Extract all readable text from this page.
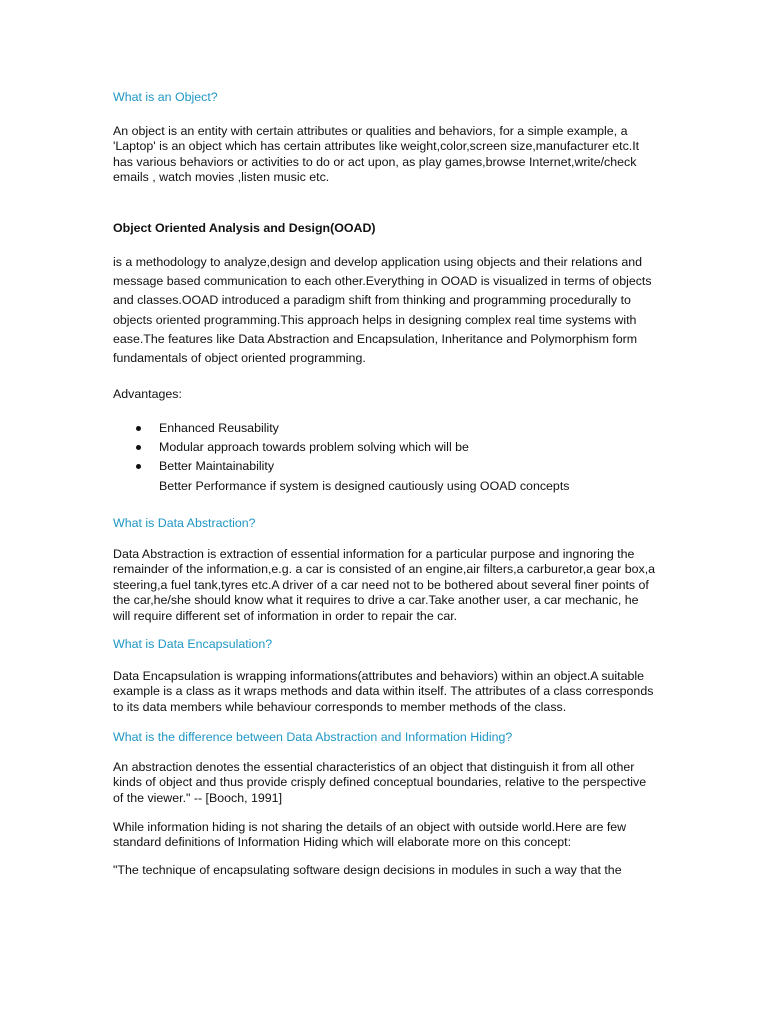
What is an Object?

An object is an entity with certain attributes or qualities and behaviors, for a simple example, a 'Laptop' is an object which has certain attributes like weight,color,screen size,manufacturer etc.It has various behaviors or activities to do or act upon, as play games,browse Internet,write/check emails , watch movies ,listen music etc.

Object Oriented Analysis and Design(OOAD)

is a methodology to analyze,design and develop application using objects and their relations and message based communication to each other.Everything in OOAD is visualized in terms of objects and classes.OOAD introduced a paradigm shift from thinking and programming procedurally to objects oriented programming.This approach helps in designing complex real time systems with ease.The features like Data Abstraction and Encapsulation, Inheritance and Polymorphism form fundamentals of object oriented programming.

Advantages:

Enhanced Reusability
Modular approach towards problem solving which will be
Better Maintainability
Better Performance if system is designed cautiously using OOAD concepts
What is Data Abstraction?

Data Abstraction is extraction of essential information for a particular purpose and ingnoring the remainder of the information,e.g. a car is consisted of an engine,air filters,a carburetor,a gear box,a steering,a fuel tank,tyres etc.A driver of a car need not to be bothered about several finer points of the car,he/she should know what it requires to drive a car.Take another user, a car mechanic, he will require different set of information in order to repair the car.

What is Data Encapsulation?

Data Encapsulation is wrapping informations(attributes and behaviors) within an object.A suitable example is a class as it wraps methods and data within itself. The attributes of a class corresponds to its data members while behaviour corresponds to member methods of the class.

What is the difference between Data Abstraction and Information Hiding?

An abstraction denotes the essential characteristics of an object that distinguish it from all other kinds of object and thus provide crisply defined conceptual boundaries, relative to the perspective of the viewer." -- [Booch, 1991]

While information hiding is not sharing the details of an object with outside world.Here are few standard definitions of Information Hiding which will elaborate more on this concept:

"The technique of encapsulating software design decisions in modules in such a way that the
